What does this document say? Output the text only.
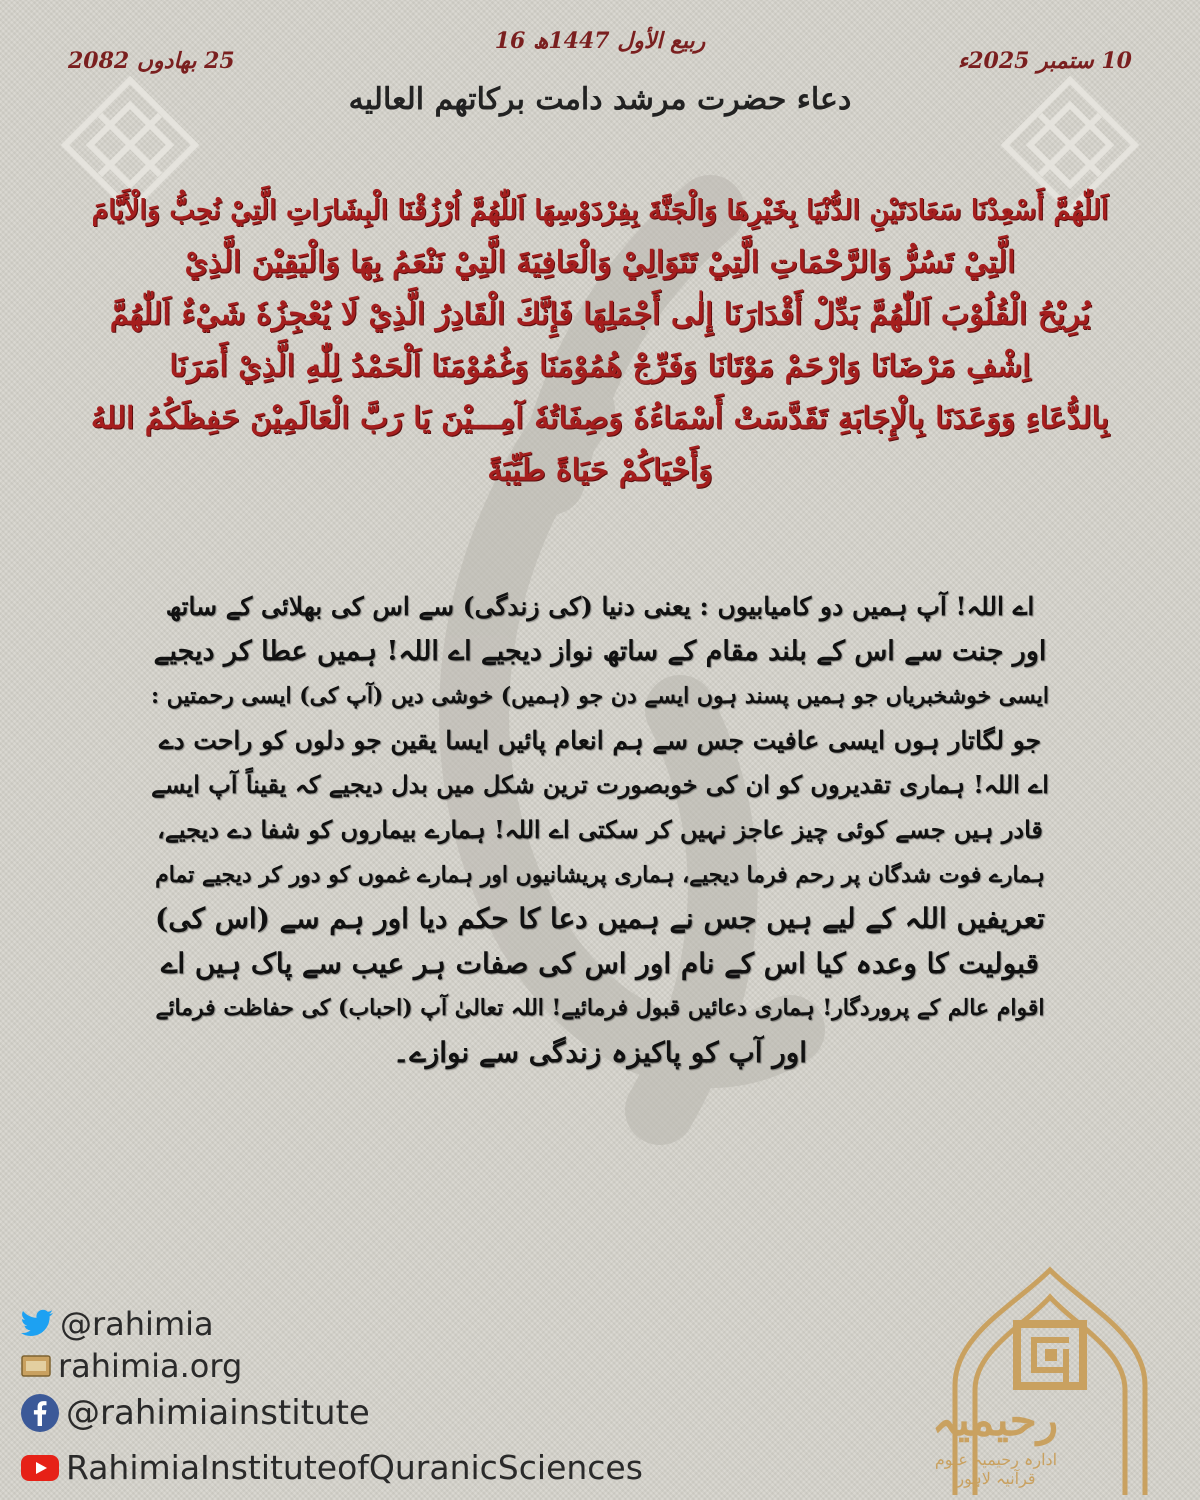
16 ربیع الأول 1447ھ
25 بھادوں 2082	10 ستمبر 2025ء
دعاء حضرت مرشد دامت برکاتهم العالیه
اَللّٰهُمَّ أَسْعِدْنَا سَعَادَتَيْنِ الدُّنْيَا بِخَيْرِهَا وَالْجَنَّةَ بِفِرْدَوْسِهَا اَللّٰهُمَّ اُرْزُقْنَا الْبِشَارَاتِ الَّتِيْ نُحِبُّ وَالْأَيَّامَ
الَّتِيْ تَسُرُّ وَالرَّحْمَاتِ الَّتِيْ تَتَوَالِيْ وَالْعَافِيَةَ الَّتِيْ نَنْعَمُ بِهَا وَالْيَقِيْنَ الَّذِيْ
يُرِيْحُ الْقُلُوْبَ اَللّٰهُمَّ بَدِّلْ أَقْدَارَنَا إِلٰى أَجْمَلِهَا فَإِنَّكَ الْقَادِرُ الَّذِيْ لَا يُعْجِزُهٗ شَيْءٌ اَللّٰهُمَّ
اِشْفِ مَرْضَانَا وَارْحَمْ مَوْتَانَا وَفَرِّجْ هُمُوْمَنَا وَغُمُوْمَنَا اَلْحَمْدُ لِلّٰهِ الَّذِيْ أَمَرَنَا
بِالدُّعَاءِ وَوَعَدَنَا بِالْإِجَابَةِ تَقَدَّسَتْ أَسْمَاءُهٗ وَصِفَاتُهٗ آمِـــيْنَ يَا رَبَّ الْعَالَمِيْنَ حَفِظَكُمُ اللهُ
وَأَحْيَاكُمْ حَيَاةً طَيِّبَةً
اے اللہ! آپ ہمیں دو کامیابیوں : یعنی دنیا (کی زندگی) سے اس کی بھلائی کے ساتھ
اور جنت سے اس کے بلند مقام کے ساتھ نواز دیجیے اے اللہ! ہمیں عطا کر دیجیے
ایسی خوشخبریاں جو ہمیں پسند ہوں ایسے دن جو (ہمیں) خوشی دیں (آپ کی) ایسی رحمتیں :
جو لگاتار ہوں ایسی عافیت جس سے ہم انعام پائیں ایسا یقین جو دلوں کو راحت دے
اے اللہ! ہماری تقدیروں کو ان کی خوبصورت ترین شکل میں بدل دیجیے کہ یقیناً آپ ایسے
قادر ہیں جسے کوئی چیز عاجز نہیں کر سکتی اے اللہ! ہمارے بیماروں کو شفا دے دیجیے،
ہمارے فوت شدگان پر رحم فرما دیجیے، ہماری پریشانیوں اور ہمارے غموں کو دور کر دیجیے تمام
تعریفیں اللہ کے لیے ہیں جس نے ہمیں دعا کا حکم دیا اور ہم سے (اس کی)
قبولیت کا وعدہ کیا اس کے نام اور اس کی صفات ہر عیب سے پاک ہیں اے
اقوام عالم کے پروردگار! ہماری دعائیں قبول فرمائیے! اللہ تعالیٰ آپ (احباب) کی حفاظت فرمائے
اور آپ کو پاکیزہ زندگی سے نوازے۔
@rahimia
rahimia.org
@rahimiainstitute
RahimiaInstituteofQuranicSciences
رحیمیہ
ادارہ رحیمیہ علوم قرآنیہ لاہور
